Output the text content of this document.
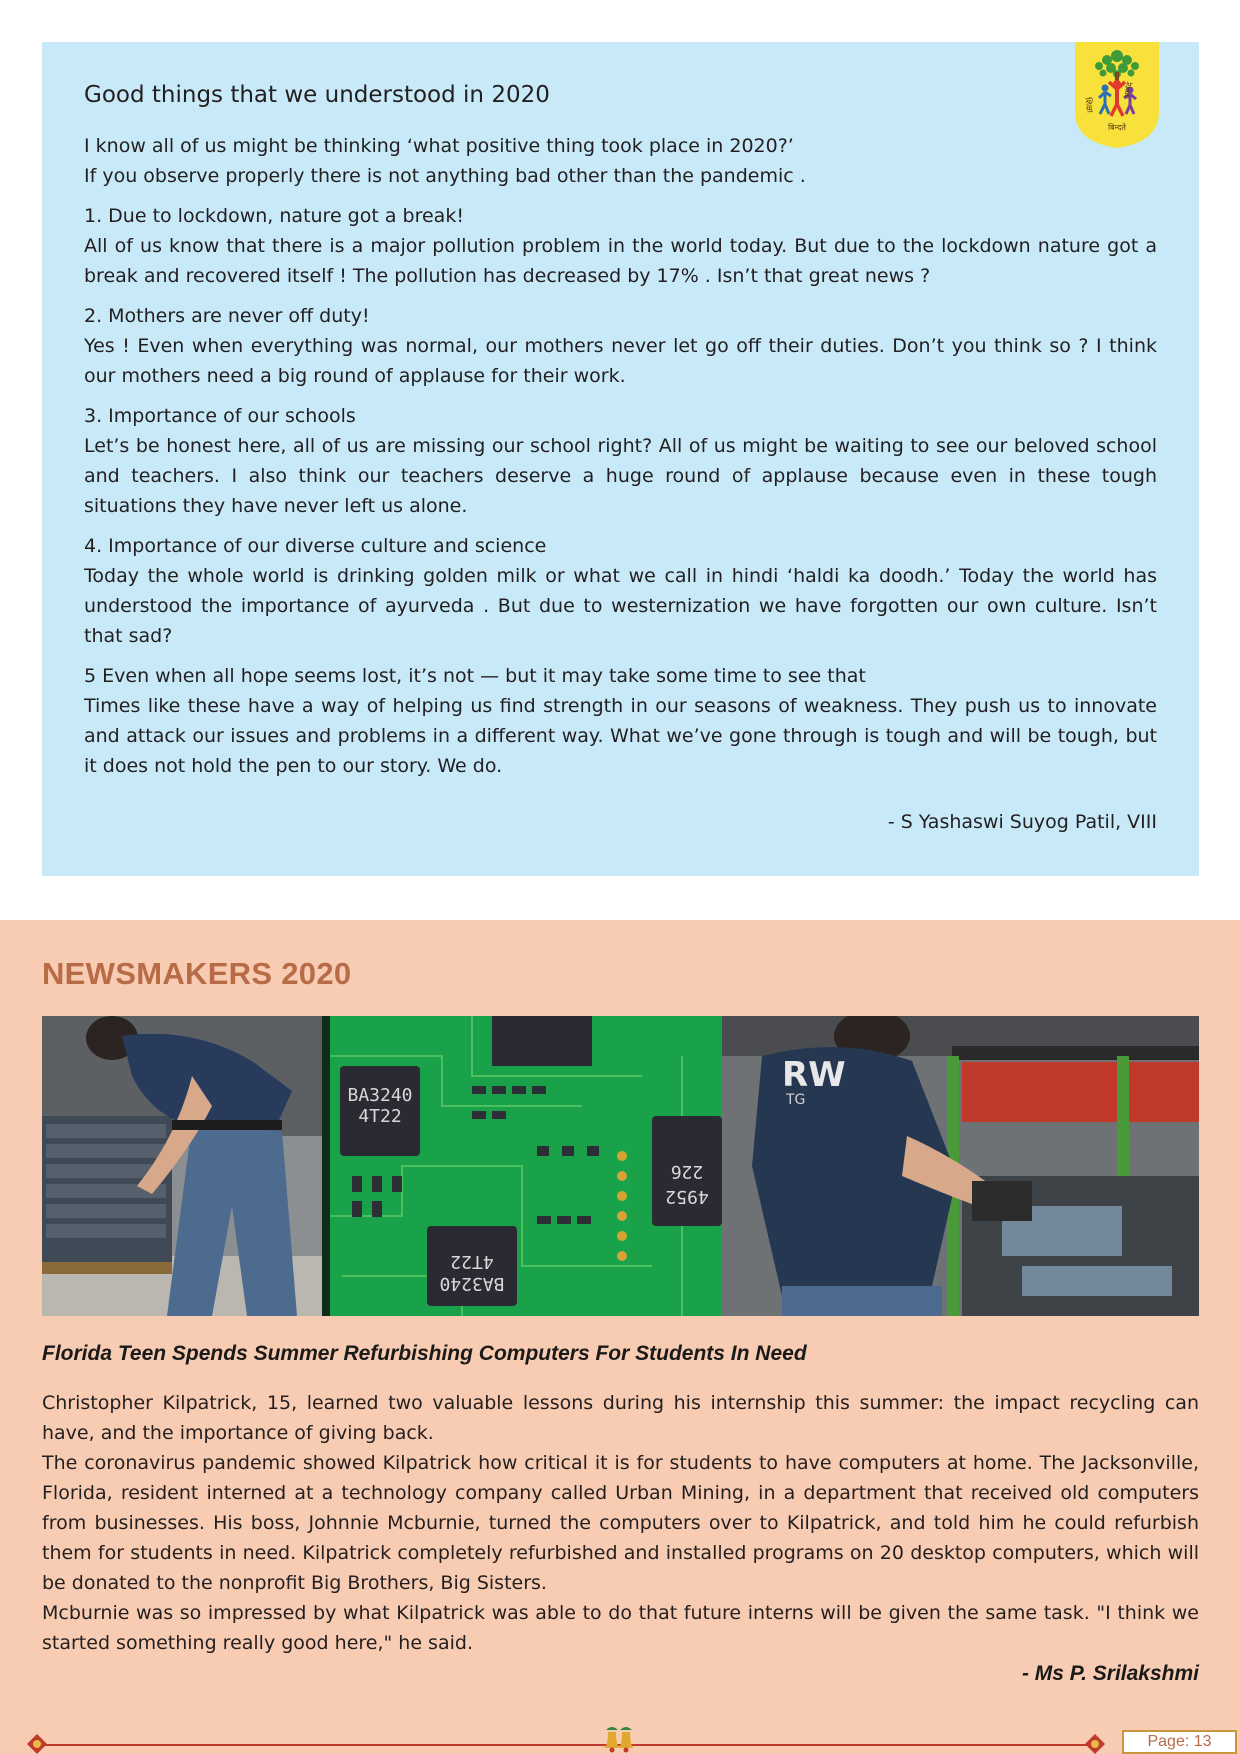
शिक्षा
आनंद
बिन्दते
Good things that we understood in 2020

I know all of us might be thinking ‘what positive thing took place in 2020?’

If you observe properly there is not anything bad other than the pandemic .

1. Due to lockdown, nature got a break!

All of us know that there is a major pollution problem in the world today. But due to the lockdown nature got a break and recovered itself ! The pollution has decreased by 17% . Isn’t that great news ?

2. Mothers are never off duty!

Yes ! Even when everything was normal, our mothers never let go off their duties. Don’t you think so ? I think our mothers need a big round of applause for their work.

3. Importance of our schools

Let’s be honest here, all of us are missing our school right? All of us might be waiting to see our beloved school and teachers. I also think our teachers deserve a huge round of applause because even in these tough situations they have never left us alone.

4. Importance of our diverse culture and science

Today the whole world is drinking golden milk or what we call in hindi ‘haldi ka doodh.’ Today the world has understood the importance of ayurveda . But due to westernization we have forgotten our own culture. Isn’t that sad?

5 Even when all hope seems lost, it’s not — but it may take some time to see that

Times like these have a way of helping us find strength in our seasons of weakness. They push us to innovate and attack our issues and problems in a different way. What we’ve gone through is tough and will be tough, but it does not hold the pen to our story. We do.

- S Yashaswi Suyog Patil, VIII

NEWSMAKERS 2020
BA3240
4T22
BA3240
4T22
4952
226
RW
TG
Florida Teen Spends Summer Refurbishing Computers For Students In Need

Christopher Kilpatrick, 15, learned two valuable lessons during his internship this summer: the impact recycling can have, and the importance of giving back.

The coronavirus pandemic showed Kilpatrick how critical it is for students to have computers at home. The Jacksonville, Florida, resident interned at a technology company called Urban Mining, in a department that received old computers from businesses. His boss, Johnnie Mcburnie, turned the computers over to Kilpatrick, and told him he could refurbish them for students in need. Kilpatrick completely refurbished and installed programs on 20 desktop computers, which will be donated to the nonprofit Big Brothers, Big Sisters.

Mcburnie was so impressed by what Kilpatrick was able to do that future interns will be given the same task. "I think we started something really good here," he said.

- Ms P. Srilakshmi

Page: 13
